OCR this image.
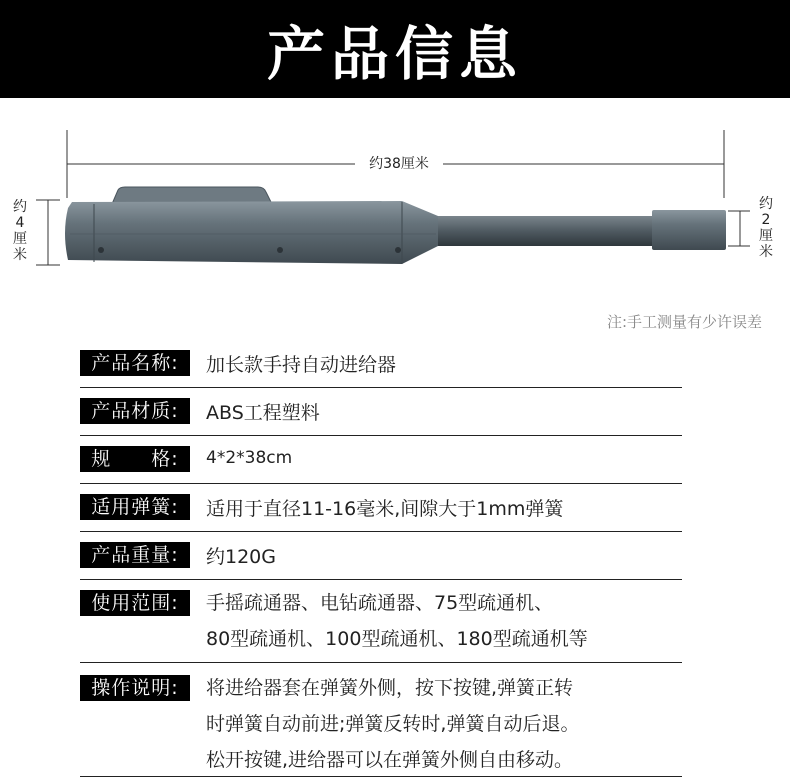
产品信息
约38厘米
约
4
厘
米
约
2
厘
米
注:手工测量有少许误差
产品名称:	加长款手持自动进给器
产品材质:	ABS工程塑料
规　　格:	4*2*38cm
适用弹簧:	适用于直径11-16毫米,间隙大于1mm弹簧
产品重量:	约120G
使用范围:	手摇疏通器、电钻疏通器、75型疏通机、
80型疏通机、100型疏通机、180型疏通机等
操作说明:	将进给器套在弹簧外侧，按下按键,弹簧正转
时弹簧自动前进;弹簧反转时,弹簧自动后退。
松开按键,进给器可以在弹簧外侧自由移动。
